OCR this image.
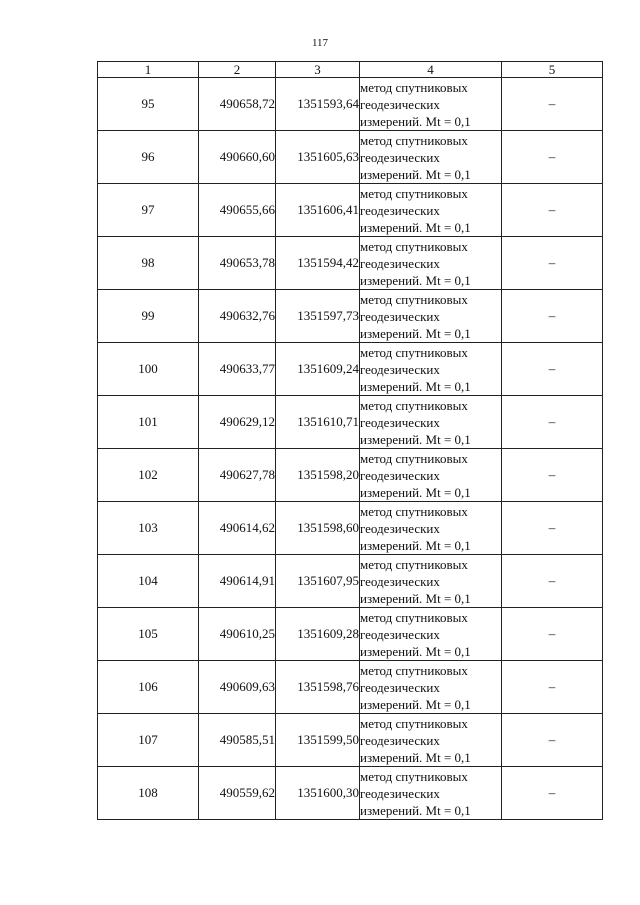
117
1	2	3	4	5
95	490658,72	1351593,64	метод спутниковых
геодезических
измерений. Mt = 0,1	–
96	490660,60	1351605,63	метод спутниковых
геодезических
измерений. Mt = 0,1	–
97	490655,66	1351606,41	метод спутниковых
геодезических
измерений. Mt = 0,1	–
98	490653,78	1351594,42	метод спутниковых
геодезических
измерений. Mt = 0,1	–
99	490632,76	1351597,73	метод спутниковых
геодезических
измерений. Mt = 0,1	–
100	490633,77	1351609,24	метод спутниковых
геодезических
измерений. Mt = 0,1	–
101	490629,12	1351610,71	метод спутниковых
геодезических
измерений. Mt = 0,1	–
102	490627,78	1351598,20	метод спутниковых
геодезических
измерений. Mt = 0,1	–
103	490614,62	1351598,60	метод спутниковых
геодезических
измерений. Mt = 0,1	–
104	490614,91	1351607,95	метод спутниковых
геодезических
измерений. Mt = 0,1	–
105	490610,25	1351609,28	метод спутниковых
геодезических
измерений. Mt = 0,1	–
106	490609,63	1351598,76	метод спутниковых
геодезических
измерений. Mt = 0,1	–
107	490585,51	1351599,50	метод спутниковых
геодезических
измерений. Mt = 0,1	–
108	490559,62	1351600,30	метод спутниковых
геодезических
измерений. Mt = 0,1	–
